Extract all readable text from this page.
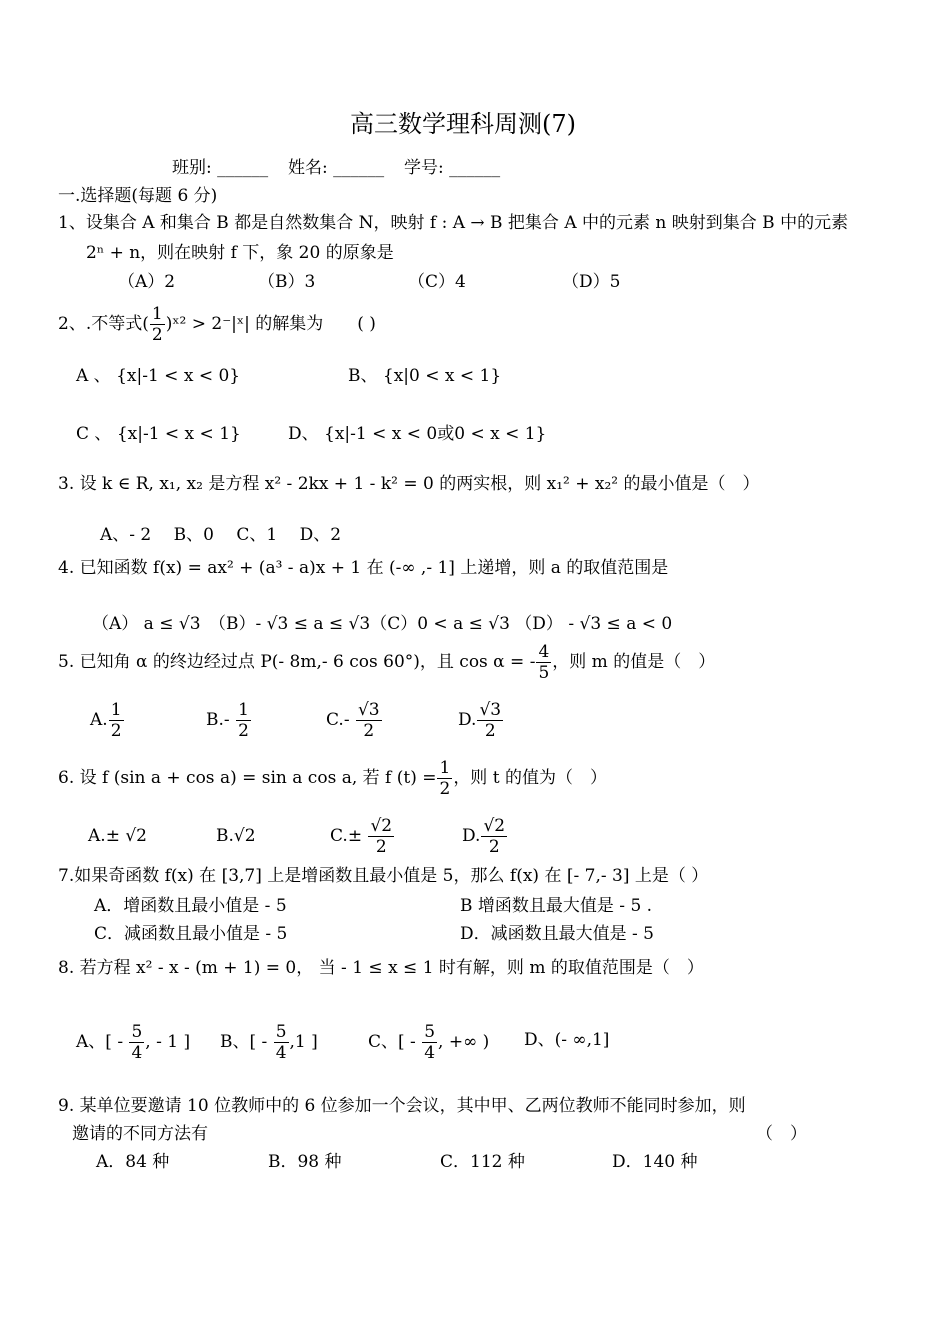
高三数学理科周测(7)
班别: ______ 姓名: ______ 学号: ______
一.选择题(每题 6 分)
1、设集合 A 和集合 B 都是自然数集合 N，映射 f : A → B 把集合 A 中的元素 n 映射到集合 B 中的元素
2ⁿ + n，则在映射 f 下，象 20 的原象是
（A）2	（B）3	（C）4	（D）5
2、.不等式( $\frac{1}{2}$ )ˣ² > 2⁻|ˣ| 的解集为　　( )
A 、 {x|-1 < x < 0}	B、 {x|0 < x < 1}
C 、 {x|-1 < x < 1}	D、 {x|-1 < x < 0或0 < x < 1}
3. 设 k ∈ R, x₁, x₂ 是方程 x² - 2kx + 1 - k² = 0 的两实根，则 x₁² + x₂² 的最小值是（　）
A、- 2　 B、0　 C、1　 D、2
4. 已知函数 f(x) = ax² + (a³ - a)x + 1 在 (-∞ ,- 1] 上递增，则 a 的取值范围是
（A） a ≤ √3　（B）- √3 ≤ a ≤ √3（C）0 < a ≤ √3 （D） - √3 ≤ a < 0
5. 已知角 α 的终边经过点 P(- 8m,- 6 cos 60°)，且 cos α = - $\frac{4}{5}$ ，则 m 的值是（　）
A. $\frac{1}{2}$	$B.- \frac{1}{2}$	$C.- \frac{√3}{2}$	D. $\frac{√3}{2}$
6. 设 f (sin a + cos a) = sin a cos a, 若 f $(t) = \frac{1}{2}$ ，则 t 的值为（　）
A.± √2	B.√2	$C.\pm \frac{√2}{2}$	D. $\frac{√2}{2}$
7.如果奇函数 f(x) 在 [3,7] 上是增函数且最小值是 5，那么 f(x) 在 [- 7,- 3] 上是（ ）
A．增函数且最小值是 - 5	B 增函数且最大值是 - 5 .
C．减函数且最小值是 - 5	D．减函数且最大值是 - 5
8. 若方程 x² - x - (m + 1) = 0， 当 - 1 ≤ x ≤ 1 时有解，则 m 的取值范围是（　）
A、[ - $\frac{5}{4}$ , - 1 ] B、[ - $\frac{5}{4} ,1$ ]	C、[ - $\frac{5}{4}$ , +∞ ) D、(- ∞,1]
9. 某单位要邀请 10 位教师中的 6 位参加一个会议，其中甲、乙两位教师不能同时参加，则
邀请的不同方法有	（　）
A．84 种	B．98 种	C．112 种	D．140 种
